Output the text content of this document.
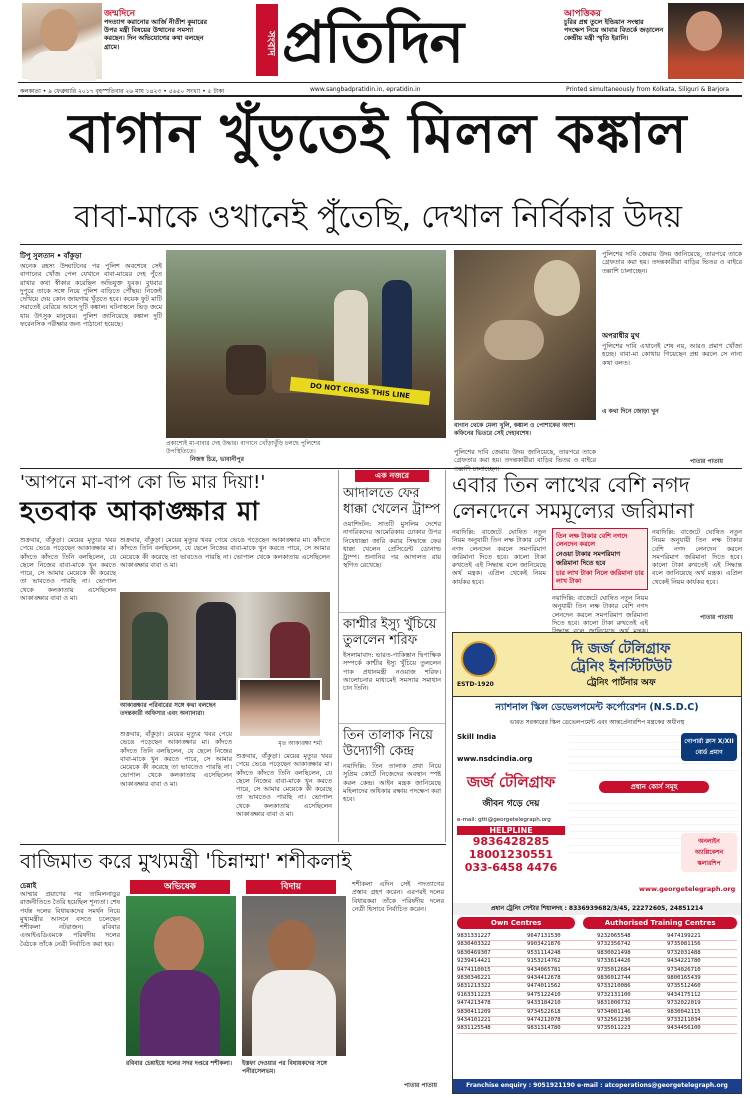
জন্মদিনে
পদত্যাগ করানোর আর্জি নীতীশ কুমারের উপর মন্ত্রী বিষয়ের উত্থানের সমস্যা করছেন। দিন অভিযোগের কথা বলছেন গ্রামে।	সংবাদ প্রতিদিন	আপত্তিকর
চুরির প্রশ্ন তুলে ইন্ডিয়ান সংস্থার পদক্ষেপ নিয়ে আবার বিতর্কে জড়ালেন কেন্দ্রীয় মন্ত্রী স্মৃতি ইরানি।
কলকাতা • ৯ ফেব্রুয়ারি ২০১৭ বৃহস্পতিবার ২৬ মাঘ ১৪২৩ • ৫৬৫০ সংখ্যা • ৫ টাকা	www.sangbadpratidin.in, epratidin.in	Printed simultaneously from Kolkata, Siliguri & Barjora
বাগান খুঁড়তেই মিলল কঙ্কাল
বাবা-মাকে ওখানেই পুঁতেছি, দেখাল নির্বিকার উদয়
টিপু সুলতান • বাঁকুড়া
অনেক রহস্য উদ্ঘাটনের পর পুলিশ অবশেষে সেই বাগানের খোঁজ পেল যেখানে বাবা-মায়ের দেহ পুঁতে রাখার কথা স্বীকার করেছিল অভিযুক্ত যুবক। বুধবার দুপুরে তাকে সঙ্গে নিয়ে পুলিশ বাড়িতে পৌঁছয়। নিজেই দেখিয়ে দেয় কোন জায়গায় খুঁড়তে হবে। কয়েক ফুট মাটি সরাতেই বেরিয়ে আসে দুটি কঙ্কাল। ঘটনাস্থলে ভিড় জমে যায় উৎসুক মানুষের। পুলিশ জানিয়েছে কঙ্কাল দুটি ফরেনসিক পরীক্ষার জন্য পাঠানো হয়েছে।
DO NOT CROSS THIS LINE
প্রকাশ্যেই মা-বাবার দেহ উদ্ধার। বাগানে খোঁড়াখুঁড়ি চলছে পুলিশের উপস্থিতিতে।
নিজস্ব চিত্র, ভাবানীপুর
বাগান থেকে মেলা খুলি, কঙ্কাল ও পোশাকের অংশ। কফিনের ভিতরে সেই দেহাবশেষ।
পুলিশের দাবি জেরায় উদয় জানিয়েছে, তারপরে তাকে গ্রেফতার করা হয়। তদন্তকারীরা বাড়ির ভিতর ও বাইরে
পুলিশের দাবি জেরায় উদয় জানিয়েছে, তারপরে তাকে গ্রেফতার করা হয়। তদন্তকারীরা বাড়ির ভিতর ও বাইরে তল্লাশি চালাচ্ছেন।
অপরাধীর মুখ
পুলিশের দাবি এখানেই শেষ নয়, আরও প্রমাণ খোঁজা হচ্ছে। বাবা-মা কোথায় গিয়েছেন প্রশ্ন করলে সে নানা কথা বলত।
এ কথা দিনে জোড়া খুন
পাতার পাতায়
'আপনে মা-বাপ কো ভি মার দিয়া!'
হতবাক আকাঙ্ক্ষার মা
শুক্রবার, বাঁকুড়া। মেয়ের মৃত্যুর খবর পেয়ে ভেঙে পড়েছেন আকাঙ্ক্ষার মা। কাঁদতে কাঁদতে তিনি বলছিলেন, যে ছেলে নিজের বাবা-মাকে খুন করতে পারে, সে আমার মেয়েকে কী করেছে তা ভাবতেও পারছি না। ভোপাল থেকে কলকাতায় এসেছিলেন আকাঙ্ক্ষার বাবা ও মা।
শুক্রবার, বাঁকুড়া। মেয়ের মৃত্যুর খবর পেয়ে ভেঙে পড়েছেন আকাঙ্ক্ষার মা। কাঁদতে কাঁদতে তিনি বলছিলেন, যে ছেলে নিজের বাবা-মাকে খুন করতে পারে, সে আমার মেয়েকে কী করেছে তা ভাবতেও পারছি না। ভোপাল থেকে কলকাতায় এসেছিলেন আকাঙ্ক্ষার বাবা ও মা।
আকাঙ্ক্ষার পরিবারের সঙ্গে কথা বলছেন তদন্তকারী অফিসার এবং অন্যান্যরা।
মৃত আকাঙ্ক্ষা শর্মা
শুক্রবার, বাঁকুড়া। মেয়ের মৃত্যুর খবর পেয়ে ভেঙে পড়েছেন আকাঙ্ক্ষার মা। কাঁদতে কাঁদতে তিনি বলছিলেন, যে ছেলে নিজের বাবা-মাকে খুন করতে পারে, সে আমার মেয়েকে কী করেছে তা ভাবতেও পারছি না। ভোপাল থেকে কলকাতায় এসেছিলেন আকাঙ্ক্ষার বাবা ও মা।
শুক্রবার, বাঁকুড়া। মেয়ের মৃত্যুর খবর পেয়ে ভেঙে পড়েছেন আকাঙ্ক্ষার মা। কাঁদতে কাঁদতে তিনি বলছিলেন, যে ছেলে নিজের বাবা-মাকে খুন করতে পারে, সে আমার মেয়েকে কী করেছে তা ভাবতেও পারছি না। ভোপাল থেকে কলকাতায় এসেছিলেন আকাঙ্ক্ষার বাবা ও মা।
এক নজরে
আদালতে ফের ধাক্কা খেলেন ট্রাম্প
ওয়াশিংটন: সাতটি মুসলিম দেশের নাগরিকদের আমেরিকায় ঢোকার উপর নিষেধাজ্ঞা জারি করার সিদ্ধান্তে ফের ধাক্কা খেলেন প্রেসিডেন্ট ডোনাল্ড ট্রাম্প। শুনানির পর আদালত রায় স্থগিত রেখেছে।
কাশ্মীর ইস্যু খুঁচিয়ে তুললেন শরিফ
ইসলামাবাদ: ভারত-পাকিস্তান দ্বিপাক্ষিক সম্পর্কে কাশ্মীর ইস্যু খুঁচিয়ে তুললেন পাক প্রধানমন্ত্রী নওয়াজ শরিফ। আলোচনার মাধ্যমেই সমস্যার সমাধান চান তিনি।
তিন তালাক নিয়ে উদ্যোগী কেন্দ্র
নয়াদিল্লি: তিন তালাক প্রথা নিয়ে সুপ্রিম কোর্টে নিজেদের অবস্থান স্পষ্ট করল কেন্দ্র। আইন মন্ত্রক জানিয়েছে মহিলাদের অধিকার রক্ষায় পদক্ষেপ করা হবে।
এবার তিন লাখের বেশি নগদ
লেনদেনে সমমূল্যের জরিমানা
নয়াদিল্লি: বাজেটে ঘোষিত নতুন নিয়ম অনুযায়ী তিন লক্ষ টাকার বেশি নগদ লেনদেন করলে সমপরিমাণ জরিমানা দিতে হবে। কালো টাকা রুখতেই এই সিদ্ধান্ত বলে জানিয়েছে অর্থ মন্ত্রক। এপ্রিল থেকেই নিয়ম কার্যকর হবে।
তিন লক্ষ টাকার বেশি নগদে লেনদেন করলে
নেওয়া টাকার সমপরিমাণ জরিমানা দিতে হবে
চার লাখ টাকা নিলে জরিমানা চার লাখ টাকা
নয়াদিল্লি: বাজেটে ঘোষিত নতুন নিয়ম অনুযায়ী তিন লক্ষ টাকার বেশি নগদ লেনদেন করলে সমপরিমাণ জরিমানা দিতে হবে। কালো টাকা রুখতেই এই
নয়াদিল্লি: বাজেটে ঘোষিত নতুন নিয়ম অনুযায়ী তিন লক্ষ টাকার বেশি নগদ লেনদেন করলে সমপরিমাণ জরিমানা দিতে হবে। কালো টাকা রুখতেই এই সিদ্ধান্ত বলে জানিয়েছে অর্থ মন্ত্রক। এপ্রিল থেকেই নিয়ম কার্যকর হবে।
পাতার পাতায়
ESTD-1920
দি জর্জ টেলিগ্রাফ
ট্রেনিং ইনস্টিটিউট
ট্রেনিং পার্টনার অফ
ন্যাশনাল স্কিল ডেভেলপমেন্ট কর্পোরেশন (N.S.D.C)
ভারত সরকারের স্কিল ডেভেলপমেন্ট এবং আন্তর্প্রেনারশিপ মন্ত্রকের অধীনস্থ
Skill India
www.nsdcindia.org
জর্জ টেলিগ্রাফ
জীবন গড়ে দেয়
e-mail: gtti@georgetelegraph.org
HELPLINE
9836428285
18001230551
033-6458 4476
প্রধান কোর্স সমূহ
গোপার্রা ক্লাস X/XII বোর্ড প্রমাণ
অনলাইন অ্যাপ্লিকেশন স্কলারশিপ
www.georgetelegraph.org
প্রধান ট্রেনিং সেন্টার শিয়ালদহ : 8336939682/3/45, 22272605, 24851214
Own Centres	Authorised Training Centres
9831331227	9647131530	9232065548	9474199221
9830403322	9903421876	9732356742	9735081156
9830469307	9531114248	9830021498	9732031488
9239414421	9153214762	9733614426	9434221780
9474110015	9434065781	9735012684	9734026710
9830346221	9434412678	9836012744	9800165439
9831213322	9474011562	9733210086	9735512460
9163311223	9475122410	9732131100	9434175112
9474213478	9433184210	9831006732	9732022019
9830411209	9734522618	9734001146	9830042115
9434101221	9474212078	9732561230	9733211034
9831125548	9831314780	9735011223	9434456100
Franchise enquiry : 9051921190 e-mail : atcoperations@georgetelegraph.org
বাজিমাত করে মুখ্যমন্ত্রী 'চিন্নাম্মা' শশীকলাই
চেন্নাই
আম্মার প্রয়াণের পর তামিলনাড়ুর রাজনীতিতে তৈরি হয়েছিল শূন্যতা। শেষ পর্যন্ত দলের বিধায়কদের সমর্থন নিয়ে মুখ্যমন্ত্রীর আসনে বসতে চলেছেন শশীকলা নটরাজন। রবিবার এআইএডিএমকে পরিষদীয় দলের বৈঠকে তাঁকে নেত্রী নির্বাচিত করা হয়।
অভিষেক
রবিবার চেন্নাইয়ে দলের সদর দপ্তরে শশীকলা।
বিদায়
ইস্তফা দেওয়ার পর বিধায়কদের সঙ্গে পনীরসেলভম।
শশীকলা এদিন সেই পদত্যাগের প্রস্তাব গ্রহণ করেন। এরপরই দলের বিধায়করা তাঁকে পরিষদীয় দলের নেত্রী হিসাবে নির্বাচিত করেন।
পাতার পাতায়
